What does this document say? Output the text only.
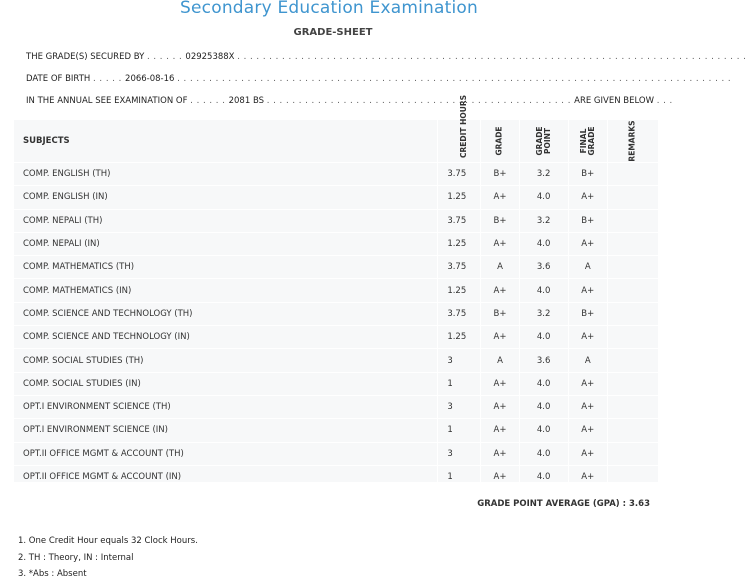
Secondary Education Examination
GRADE-SHEET
THE GRADE(S) SECURED BY . . . . . . 02925388X . . . . . . . . . . . . . . . . . . . . . . . . . . . . . . . . . . . . . . . . . . . . . . . . . . . . . . . . . . . . . . . . . . . . . . . . . . . . . . . .
DATE OF BIRTH . . . . . 2066-08-16 . . . . . . . . . . . . . . . . . . . . . . . . . . . . . . . . . . . . . . . . . . . . . . . . . . . . . . . . . . . . . . . . . . . . . . . . . . . . . . . . . . . . . . .
IN THE ANNUAL SEE EXAMINATION OF . . . . . . 2081 BS . . . . . . . . . . . . . . . . . . . . . . . . . . . . . . . . . . . . . . . . . . . . . . . . ARE GIVEN BELOW . . .
SUBJECTS	CREDIT HOURS	GRADE	GRADE POINT	FINAL GRADE	REMARKS
COMP. ENGLISH (TH)	3.75	B+	3.2	B+	
COMP. ENGLISH (IN)	1.25	A+	4.0	A+	
COMP. NEPALI (TH)	3.75	B+	3.2	B+	
COMP. NEPALI (IN)	1.25	A+	4.0	A+	
COMP. MATHEMATICS (TH)	3.75	A	3.6	A	
COMP. MATHEMATICS (IN)	1.25	A+	4.0	A+	
COMP. SCIENCE AND TECHNOLOGY (TH)	3.75	B+	3.2	B+	
COMP. SCIENCE AND TECHNOLOGY (IN)	1.25	A+	4.0	A+	
COMP. SOCIAL STUDIES (TH)	3	A	3.6	A	
COMP. SOCIAL STUDIES (IN)	1	A+	4.0	A+	
OPT.I ENVIRONMENT SCIENCE (TH)	3	A+	4.0	A+	
OPT.I ENVIRONMENT SCIENCE (IN)	1	A+	4.0	A+	
OPT.II OFFICE MGMT & ACCOUNT (TH)	3	A+	4.0	A+	
OPT.II OFFICE MGMT & ACCOUNT (IN)	1	A+	4.0	A+	
GRADE POINT AVERAGE (GPA) : 3.63
1. One Credit Hour equals 32 Clock Hours.
2. TH : Theory, IN : Internal
3. *Abs : Absent
